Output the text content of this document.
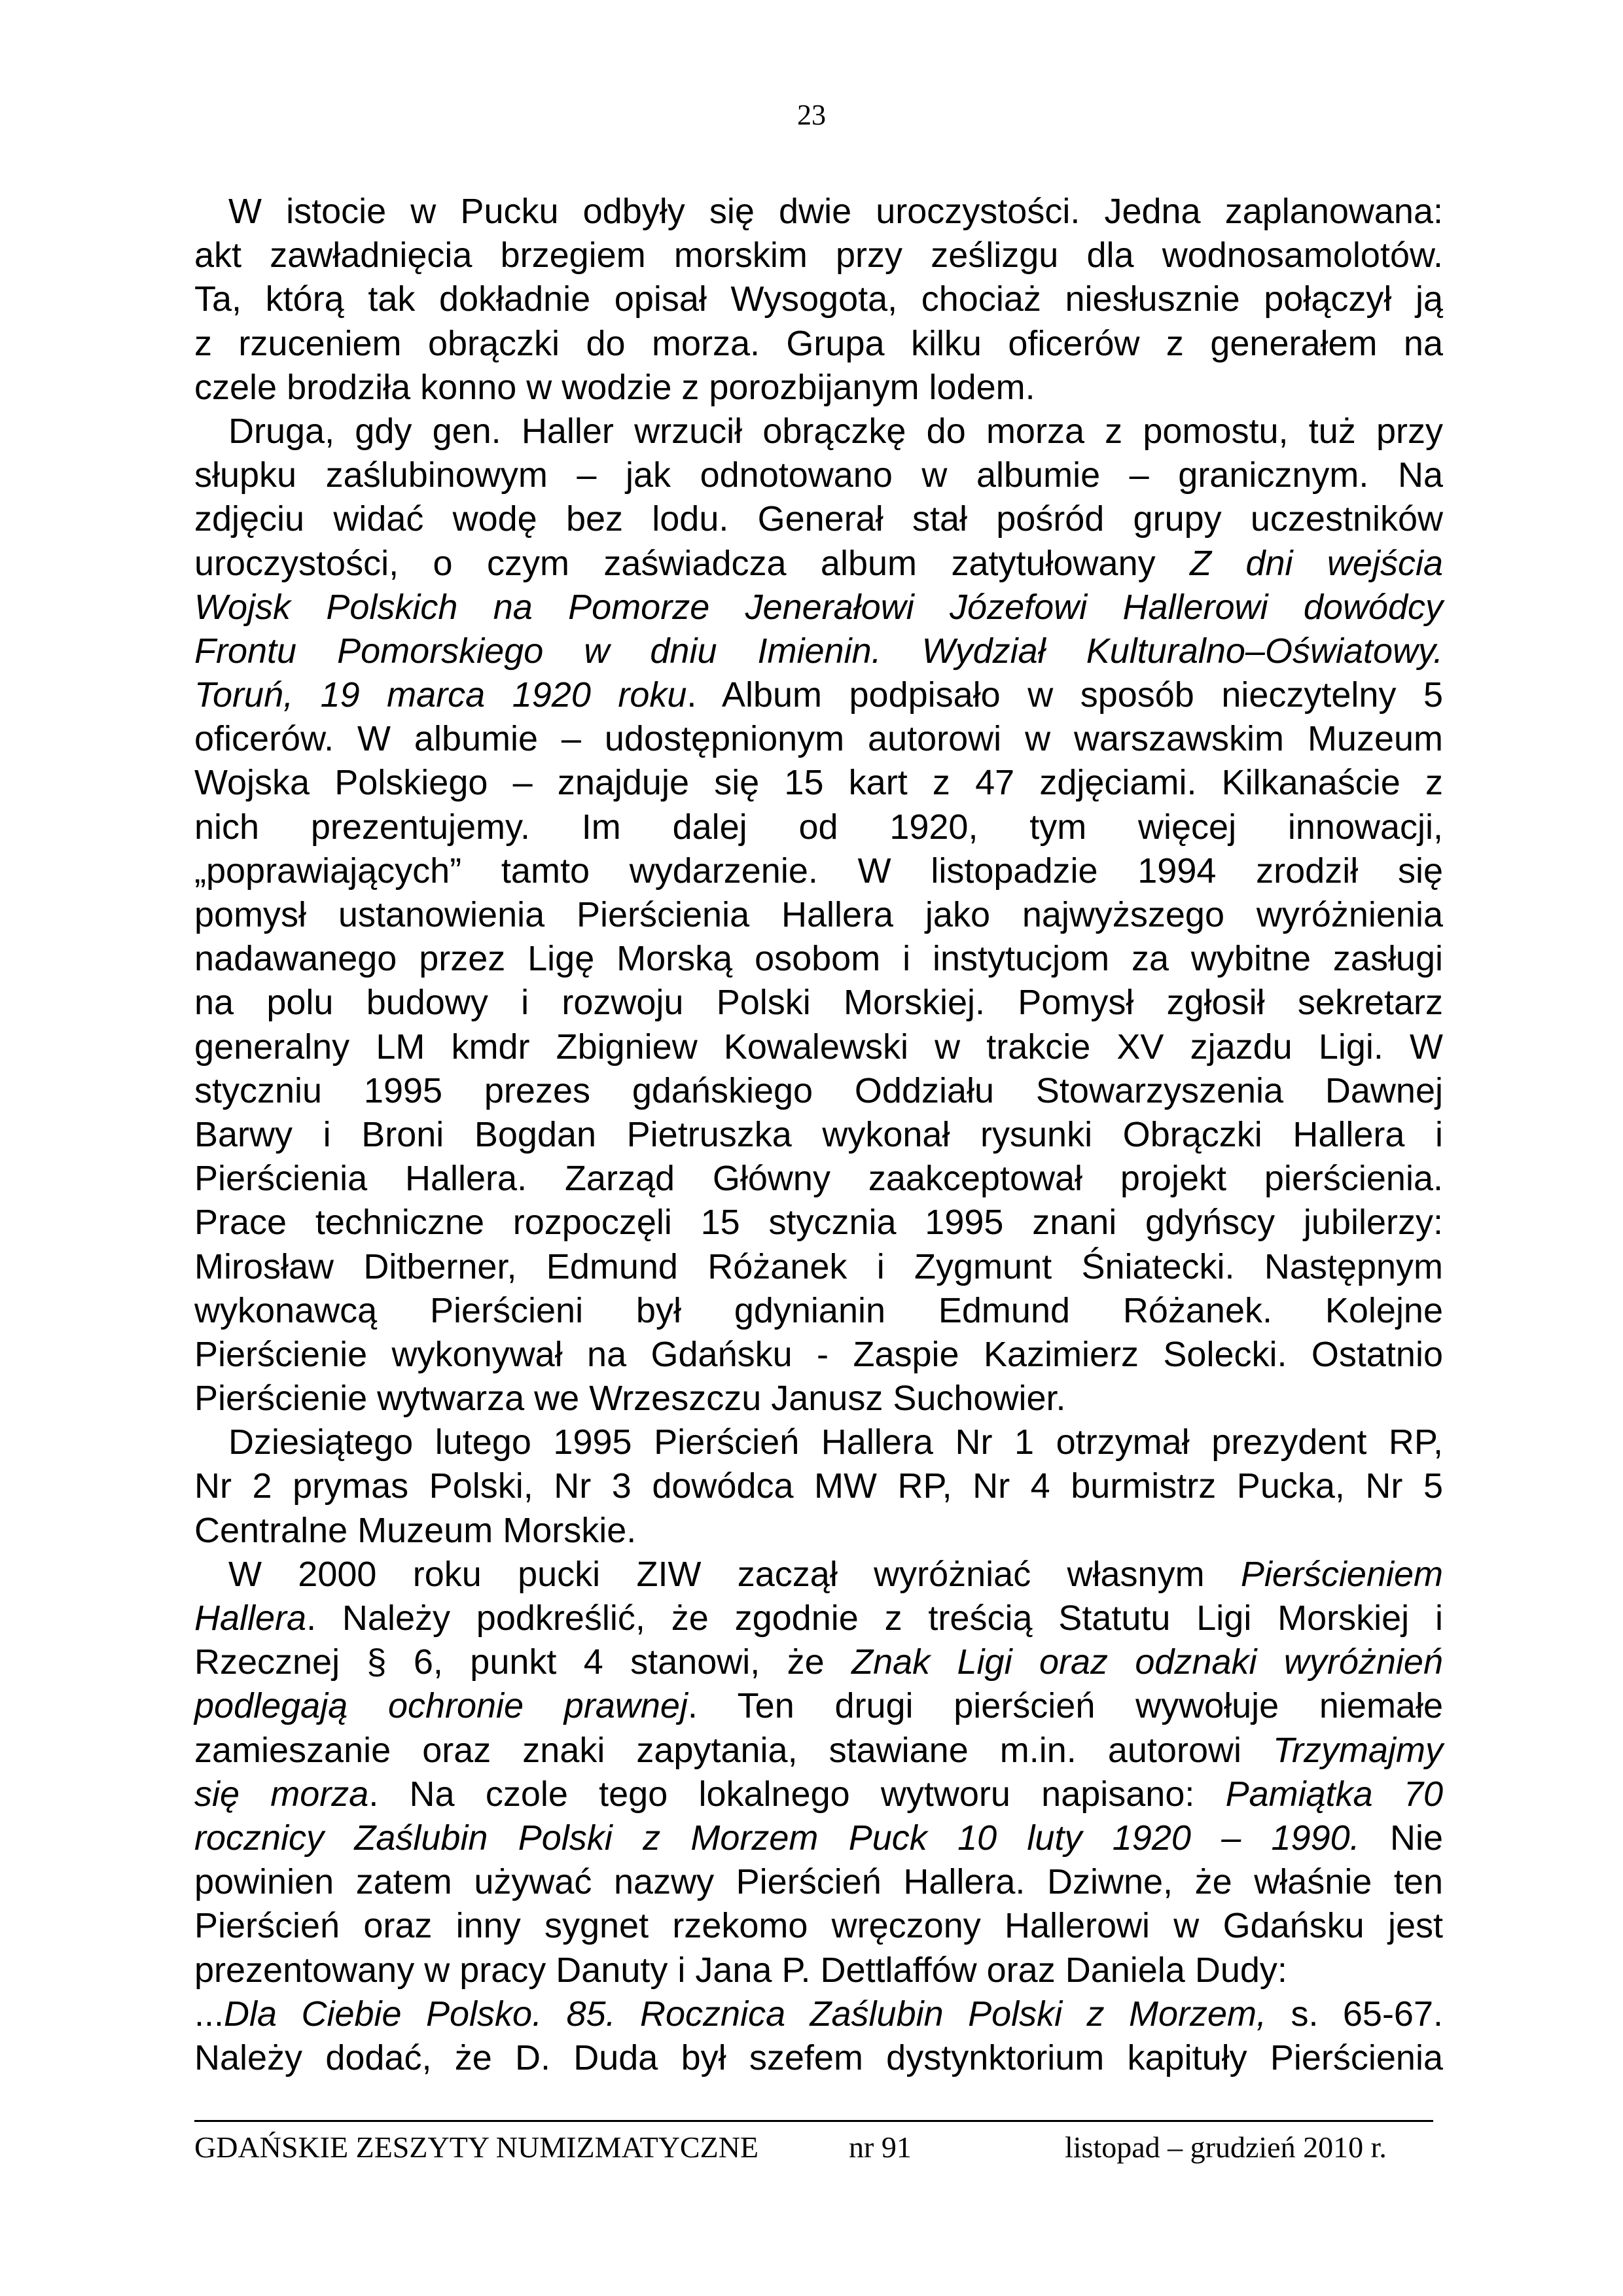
23
W istocie w Pucku odbyły się dwie uroczystości. Jedna zaplanowana:
akt zawładnięcia brzegiem morskim przy ześlizgu dla wodnosamolotów.
Ta, którą tak dokładnie opisał Wysogota, chociaż niesłusznie połączył ją
z rzuceniem obrączki do morza. Grupa kilku oficerów z generałem na
czele brodziła konno w wodzie z porozbijanym lodem.
Druga, gdy gen. Haller wrzucił obrączkę do morza z pomostu, tuż przy
słupku zaślubinowym – jak odnotowano w albumie – granicznym. Na
zdjęciu widać wodę bez lodu. Generał stał pośród grupy uczestników
uroczystości, o czym zaświadcza album zatytułowany Z dni wejścia
Wojsk Polskich na Pomorze Jenerałowi Józefowi Hallerowi dowódcy
Frontu Pomorskiego w dniu Imienin. Wydział Kulturalno–Oświatowy.
Toruń, 19 marca 1920 roku. Album podpisało w sposób nieczytelny 5
oficerów. W albumie – udostępnionym autorowi w warszawskim Muzeum
Wojska Polskiego – znajduje się 15 kart z 47 zdjęciami. Kilkanaście z
nich prezentujemy. Im dalej od 1920, tym więcej innowacji,
„poprawiających” tamto wydarzenie. W listopadzie 1994 zrodził się
pomysł ustanowienia Pierścienia Hallera jako najwyższego wyróżnienia
nadawanego przez Ligę Morską osobom i instytucjom za wybitne zasługi
na polu budowy i rozwoju Polski Morskiej. Pomysł zgłosił sekretarz
generalny LM kmdr Zbigniew Kowalewski w trakcie XV zjazdu Ligi. W
styczniu 1995 prezes gdańskiego Oddziału Stowarzyszenia Dawnej
Barwy i Broni Bogdan Pietruszka wykonał rysunki Obrączki Hallera i
Pierścienia Hallera. Zarząd Główny zaakceptował projekt pierścienia.
Prace techniczne rozpoczęli 15 stycznia 1995 znani gdyńscy jubilerzy:
Mirosław Ditberner, Edmund Różanek i Zygmunt Śniatecki. Następnym
wykonawcą Pierścieni był gdynianin Edmund Różanek. Kolejne
Pierścienie wykonywał na Gdańsku - Zaspie Kazimierz Solecki. Ostatnio
Pierścienie wytwarza we Wrzeszczu Janusz Suchowier.
Dziesiątego lutego 1995 Pierścień Hallera Nr 1 otrzymał prezydent RP,
Nr 2 prymas Polski, Nr 3 dowódca MW RP, Nr 4 burmistrz Pucka, Nr 5
Centralne Muzeum Morskie.
W 2000 roku pucki ZIW zaczął wyróżniać własnym Pierścieniem
Hallera. Należy podkreślić, że zgodnie z treścią Statutu Ligi Morskiej i
Rzecznej § 6, punkt 4 stanowi, że Znak Ligi oraz odznaki wyróżnień
podlegają ochronie prawnej. Ten drugi pierścień wywołuje niemałe
zamieszanie oraz znaki zapytania, stawiane m.in. autorowi Trzymajmy
się morza. Na czole tego lokalnego wytworu napisano: Pamiątka 70
rocznicy Zaślubin Polski z Morzem Puck 10 luty 1920 – 1990. Nie
powinien zatem używać nazwy Pierścień Hallera. Dziwne, że właśnie ten
Pierścień oraz inny sygnet rzekomo wręczony Hallerowi w Gdańsku jest
prezentowany w pracy Danuty i Jana P. Dettlaffów oraz Daniela Dudy:
...Dla Ciebie Polsko. 85. Rocznica Zaślubin Polski z Morzem, s. 65-67.
Należy dodać, że D. Duda był szefem dystynktorium kapituły Pierścienia
GDAŃSKIE ZESZYTY NUMIZMATYCZNE	nr 91	listopad – grudzień 2010 r.
